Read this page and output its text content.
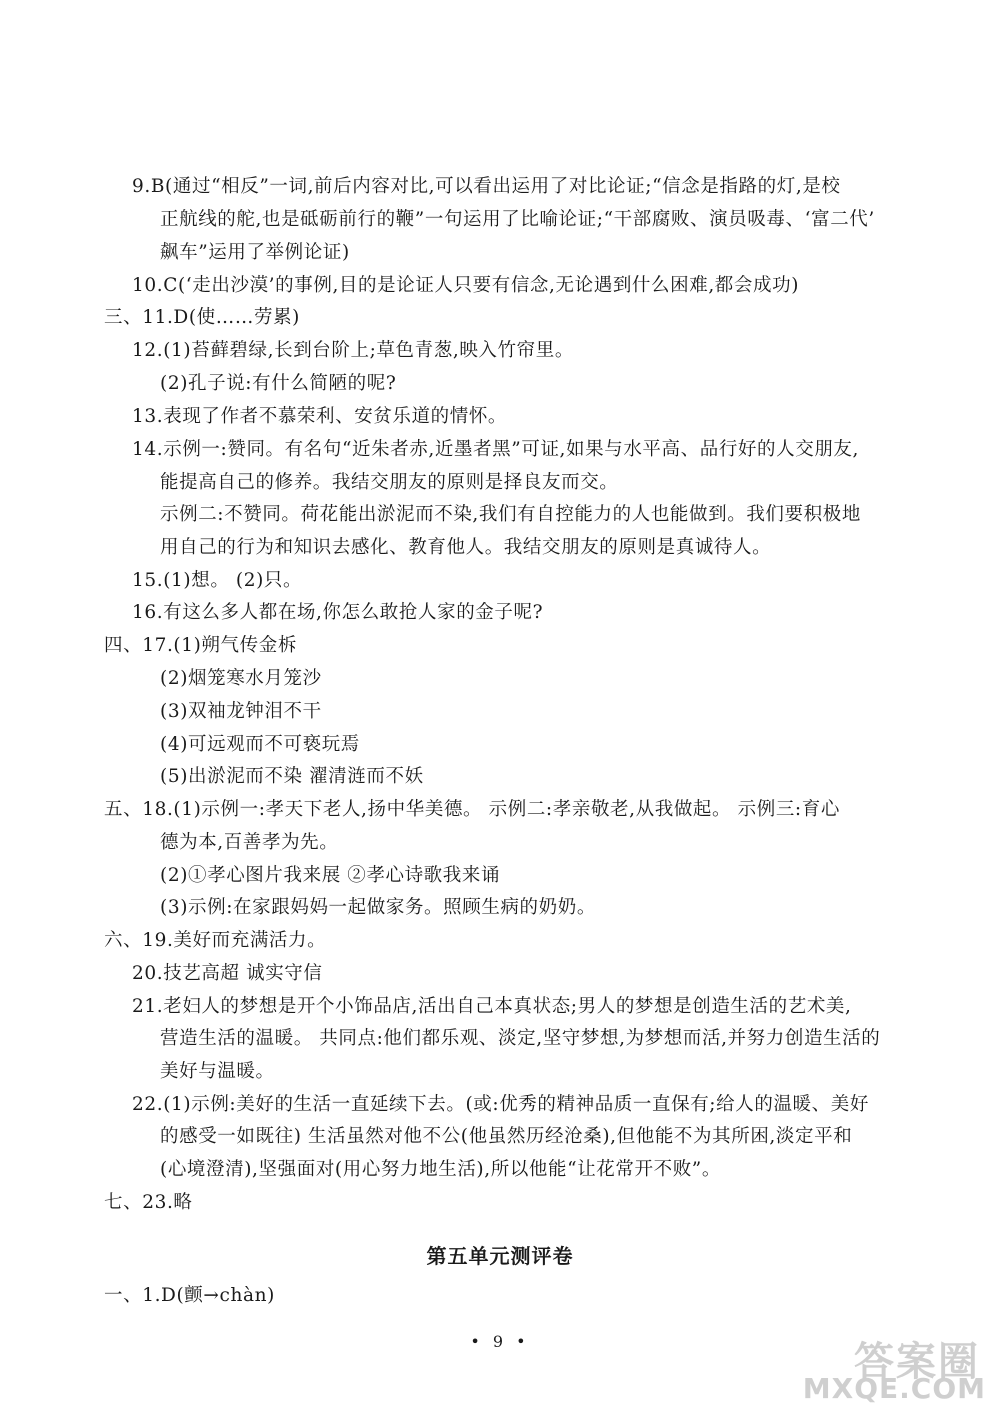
9.B(通过“相反”一词,前后内容对比,可以看出运用了对比论证;“信念是指路的灯,是校
正航线的舵,也是砥砺前行的鞭”一句运用了比喻论证;“干部腐败、演员吸毒、‘富二代’
飙车”运用了举例论证)
10.C(‘走出沙漠’的事例,目的是论证人只要有信念,无论遇到什么困难,都会成功)
三、11.D(使……劳累)
12.(1)苔藓碧绿,长到台阶上;草色青葱,映入竹帘里。
(2)孔子说:有什么简陋的呢?
13.表现了作者不慕荣利、安贫乐道的情怀。
14.示例一:赞同。有名句“近朱者赤,近墨者黑”可证,如果与水平高、品行好的人交朋友,
能提高自己的修养。我结交朋友的原则是择良友而交。
示例二:不赞同。荷花能出淤泥而不染,我们有自控能力的人也能做到。我们要积极地
用自己的行为和知识去感化、教育他人。我结交朋友的原则是真诚待人。
15.(1)想。 (2)只。
16.有这么多人都在场,你怎么敢抢人家的金子呢?
四、17.(1)朔气传金柝
(2)烟笼寒水月笼沙
(3)双袖龙钟泪不干
(4)可远观而不可亵玩焉
(5)出淤泥而不染 濯清涟而不妖
五、18.(1)示例一:孝天下老人,扬中华美德。 示例二:孝亲敬老,从我做起。 示例三:育心
德为本,百善孝为先。
(2)①孝心图片我来展 ②孝心诗歌我来诵
(3)示例:在家跟妈妈一起做家务。照顾生病的奶奶。
六、19.美好而充满活力。
20.技艺高超 诚实守信
21.老妇人的梦想是开个小饰品店,活出自己本真状态;男人的梦想是创造生活的艺术美,
营造生活的温暖。 共同点:他们都乐观、淡定,坚守梦想,为梦想而活,并努力创造生活的
美好与温暖。
22.(1)示例:美好的生活一直延续下去。(或:优秀的精神品质一直保有;给人的温暖、美好
的感受一如既往) 生活虽然对他不公(他虽然历经沧桑),但他能不为其所困,淡定平和
(心境澄清),坚强面对(用心努力地生活),所以他能“让花常开不败”。
七、23.略
第五单元测评卷
一、1.D(颤→chàn)
• 9 •	答案圈
MXQE.COM
